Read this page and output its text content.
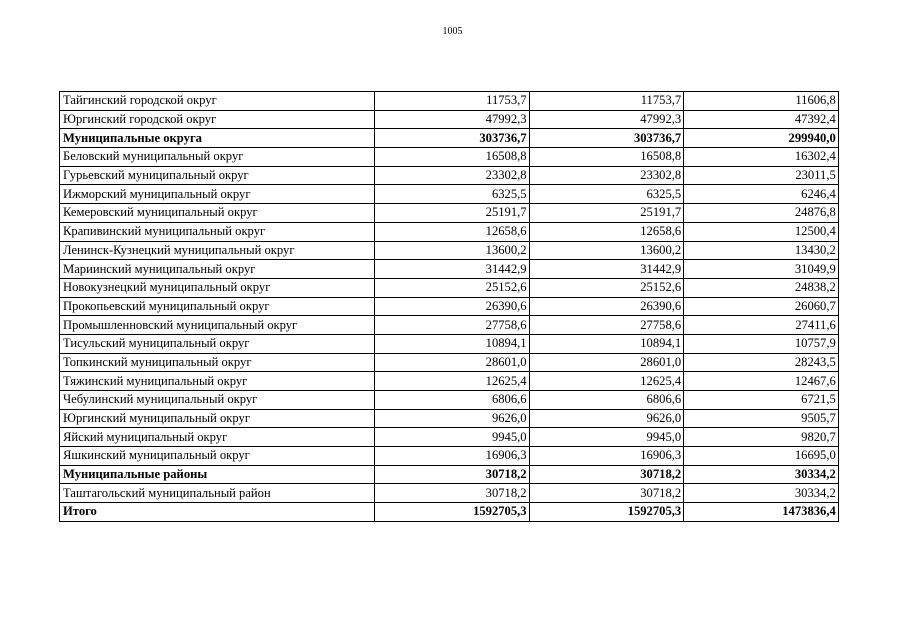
1005
Тайгинский городской округ	11753,7	11753,7	11606,8
Юргинский городской округ	47992,3	47992,3	47392,4
Муниципальные округа	303736,7	303736,7	299940,0
Беловский муниципальный округ	16508,8	16508,8	16302,4
Гурьевский муниципальный округ	23302,8	23302,8	23011,5
Ижморский муниципальный округ	6325,5	6325,5	6246,4
Кемеровский муниципальный округ	25191,7	25191,7	24876,8
Крапивинский муниципальный округ	12658,6	12658,6	12500,4
Ленинск-Кузнецкий муниципальный округ	13600,2	13600,2	13430,2
Мариинский муниципальный округ	31442,9	31442,9	31049,9
Новокузнецкий муниципальный округ	25152,6	25152,6	24838,2
Прокопьевский муниципальный округ	26390,6	26390,6	26060,7
Промышленновский муниципальный округ	27758,6	27758,6	27411,6
Тисульский муниципальный округ	10894,1	10894,1	10757,9
Топкинский муниципальный округ	28601,0	28601,0	28243,5
Тяжинский муниципальный округ	12625,4	12625,4	12467,6
Чебулинский муниципальный округ	6806,6	6806,6	6721,5
Юргинский муниципальный округ	9626,0	9626,0	9505,7
Яйский муниципальный округ	9945,0	9945,0	9820,7
Яшкинский муниципальный округ	16906,3	16906,3	16695,0
Муниципальные районы	30718,2	30718,2	30334,2
Таштагольский муниципальный район	30718,2	30718,2	30334,2
Итого	1592705,3	1592705,3	1473836,4
